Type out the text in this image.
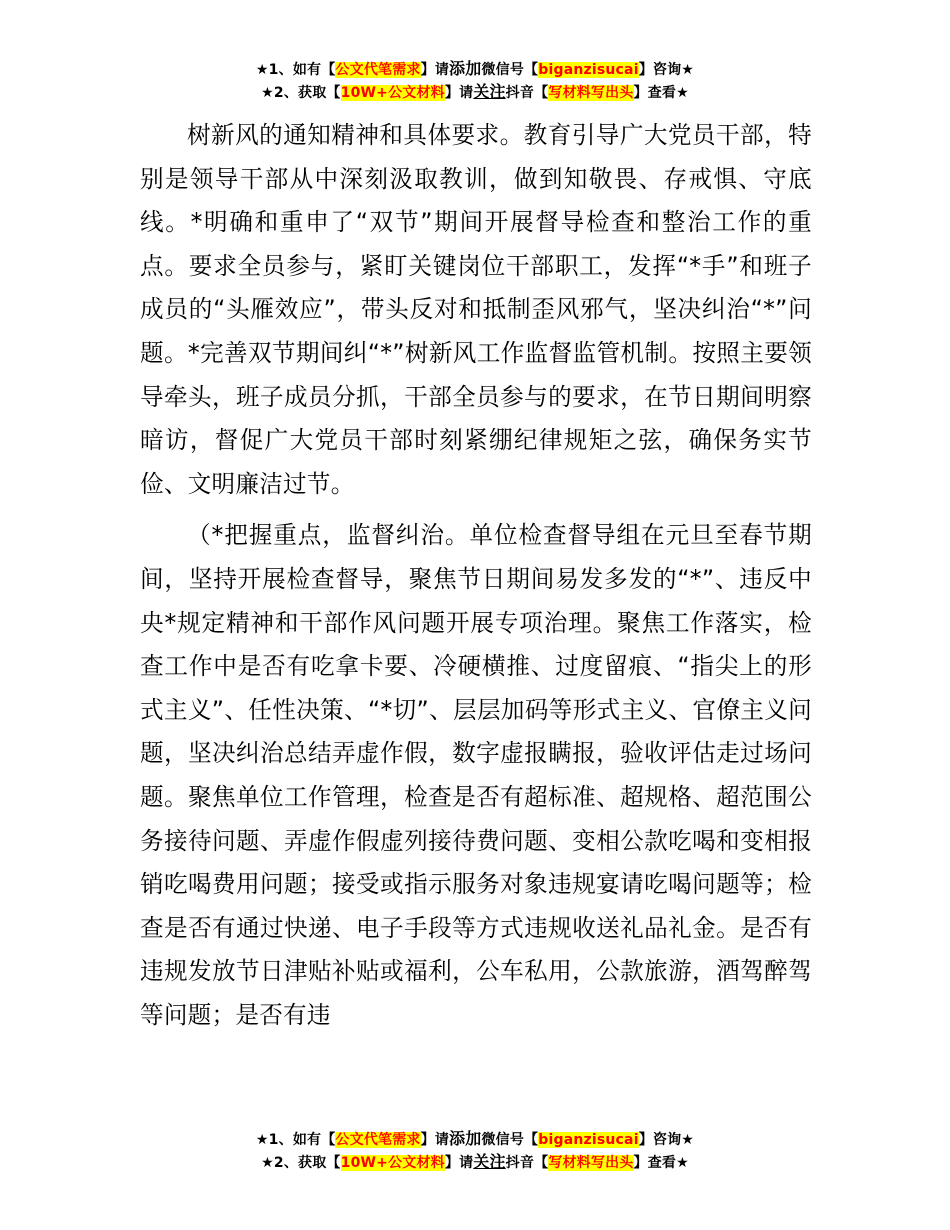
★1、如有【公文代笔需求】请添加微信号【biganzisucai】咨询★
★2、获取【10W+公文材料】请关注抖音【写材料写出头】查看★

树新风的通知精神和具体要求。教育引导广大党员干部，特别是领导干部从中深刻汲取教训，做到知敬畏、存戒惧、守底线。*明确和重申了“双节”期间开展督导检查和整治工作的重点。要求全员参与，紧盯关键岗位干部职工，发挥“*手”和班子成员的“头雁效应”，带头反对和抵制歪风邪气，坚决纠治“*”问题。*完善双节期间纠“*”树新风工作监督监管机制。按照主要领导牵头，班子成员分抓，干部全员参与的要求，在节日期间明察暗访，督促广大党员干部时刻紧绷纪律规矩之弦，确保务实节俭、文明廉洁过节。

（*把握重点，监督纠治。单位检查督导组在元旦至春节期间，坚持开展检查督导，聚焦节日期间易发多发的“*”、违反中央*规定精神和干部作风问题开展专项治理。聚焦工作落实，检查工作中是否有吃拿卡要、冷硬横推、过度留痕、“指尖上的形式主义”、任性决策、“*切”、层层加码等形式主义、官僚主义问题，坚决纠治总结弄虚作假，数字虚报瞒报，验收评估走过场问题。聚焦单位工作管理，检查是否有超标准、超规格、超范围公务接待问题、弄虚作假虚列接待费问题、变相公款吃喝和变相报销吃喝费用问题；接受或指示服务对象违规宴请吃喝问题等；检查是否有通过快递、电子手段等方式违规收送礼品礼金。是否有违规发放节日津贴补贴或福利，公车私用，公款旅游，酒驾醉驾等问题；是否有违

★1、如有【公文代笔需求】请添加微信号【biganzisucai】咨询★
★2、获取【10W+公文材料】请关注抖音【写材料写出头】查看★
